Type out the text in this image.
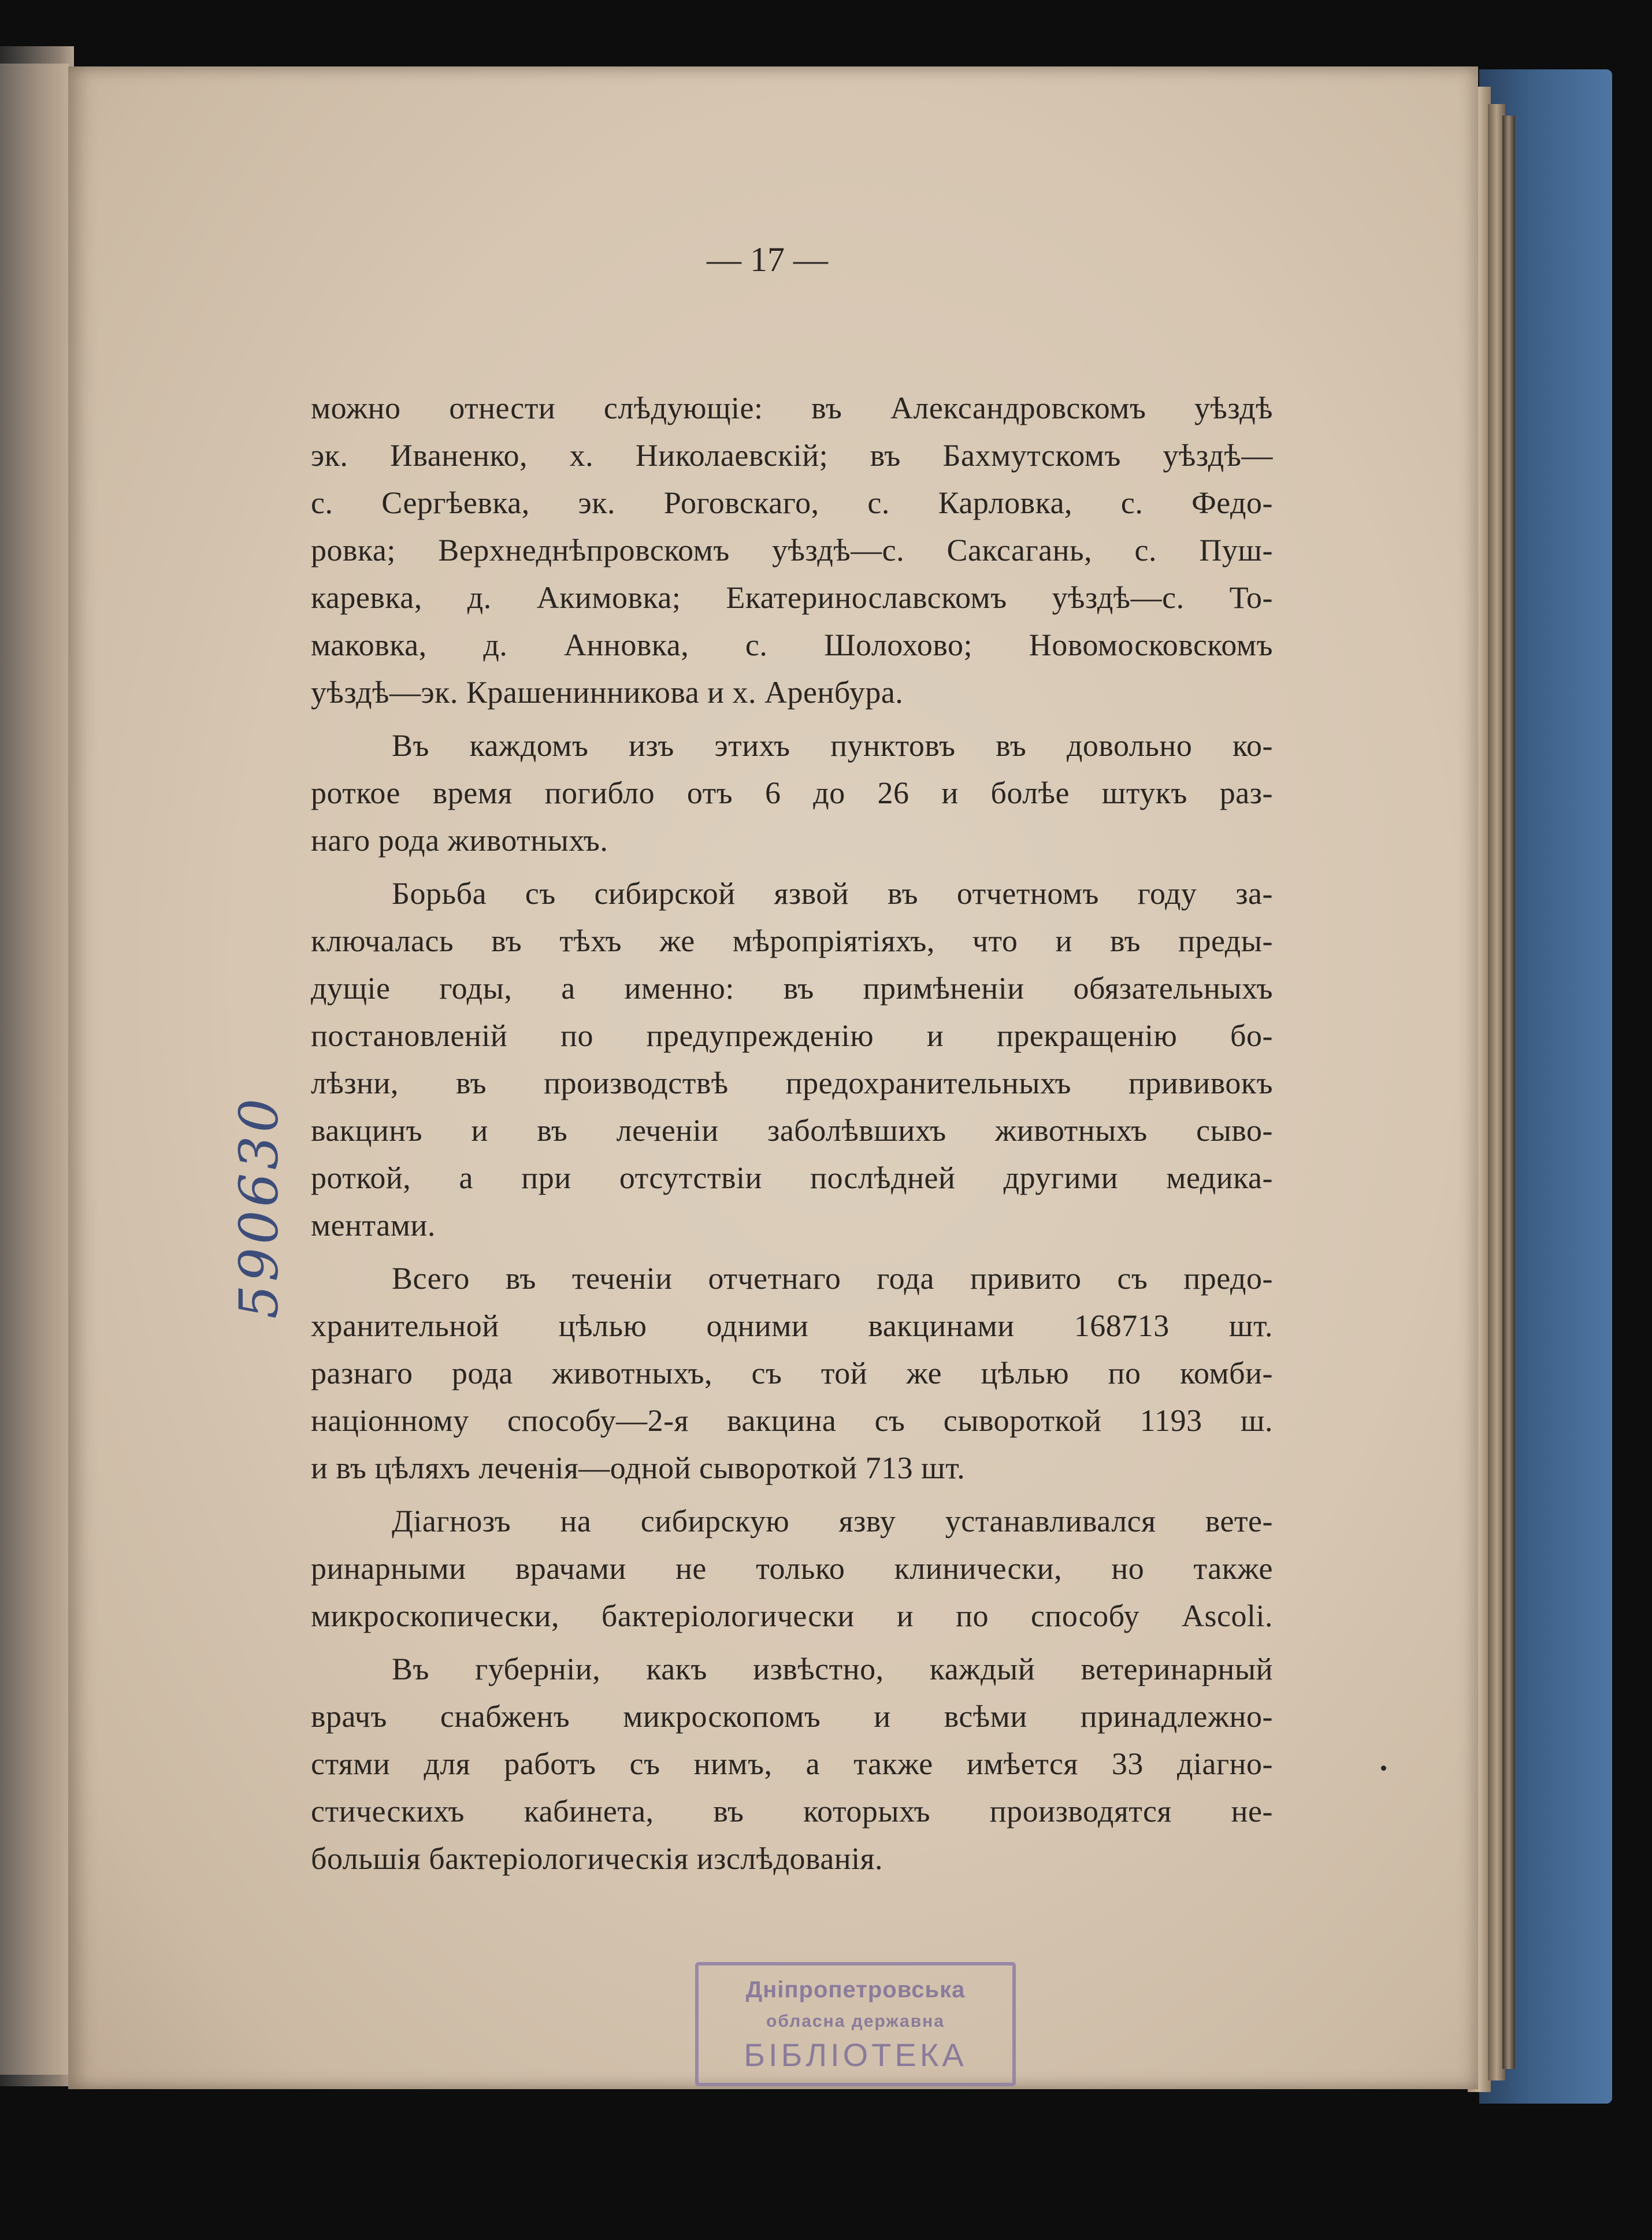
— 17 —
590630
можно отнести слѣдующіе: въ Александровскомъ уѣздѣ
эк. Иваненко, х. Николаевскій; въ Бахмутскомъ уѣздѣ—
с. Сергѣевка, эк. Роговскаго, с. Карловка, с. Федо-
ровка; Верхнеднѣпровскомъ уѣздѣ—с. Саксагань, с. Пуш-
каревка, д. Акимовка; Екатеринославскомъ уѣздѣ—с. То-
маковка, д. Анновка, с. Шолохово; Новомосковскомъ
уѣздѣ—эк. Крашенинникова и х. Аренбура.
Въ каждомъ изъ этихъ пунктовъ въ довольно ко-
роткое время погибло отъ 6 до 26 и болѣе штукъ раз-
наго рода животныхъ.
Борьба съ сибирской язвой въ отчетномъ году за-
ключалась въ тѣхъ же мѣропріятіяхъ, что и въ преды-
дущіе годы, а именно: въ примѣненіи обязательныхъ
постановленій по предупрежденію и прекращенію бо-
лѣзни, въ производствѣ предохранительныхъ прививокъ
вакцинъ и въ леченіи заболѣвшихъ животныхъ сыво-
роткой, а при отсутствіи послѣдней другими медика-
ментами.
Всего въ теченіи отчетнаго года привито съ предо-
хранительной цѣлью одними вакцинами 168713 шт.
разнаго рода животныхъ, съ той же цѣлью по комби-
націонному способу—2-я вакцина съ сывороткой 1193 ш.
и въ цѣляхъ леченія—одной сывороткой 713 шт.
Діагнозъ на сибирскую язву устанавливался вете-
ринарными врачами не только клинически, но также
микроскопически, бактеріологически и по способу Ascoli.
Въ губерніи, какъ извѣстно, каждый ветеринарный
врачъ снабженъ микроскопомъ и всѣми принадлежно-
стями для работъ съ нимъ, а также имѣется 33 діагно-
стическихъ кабинета, въ которыхъ производятся не-
большія бактеріологическія изслѣдованія.
Дніпропетровська
обласна державна
БІБЛІОТЕКА
